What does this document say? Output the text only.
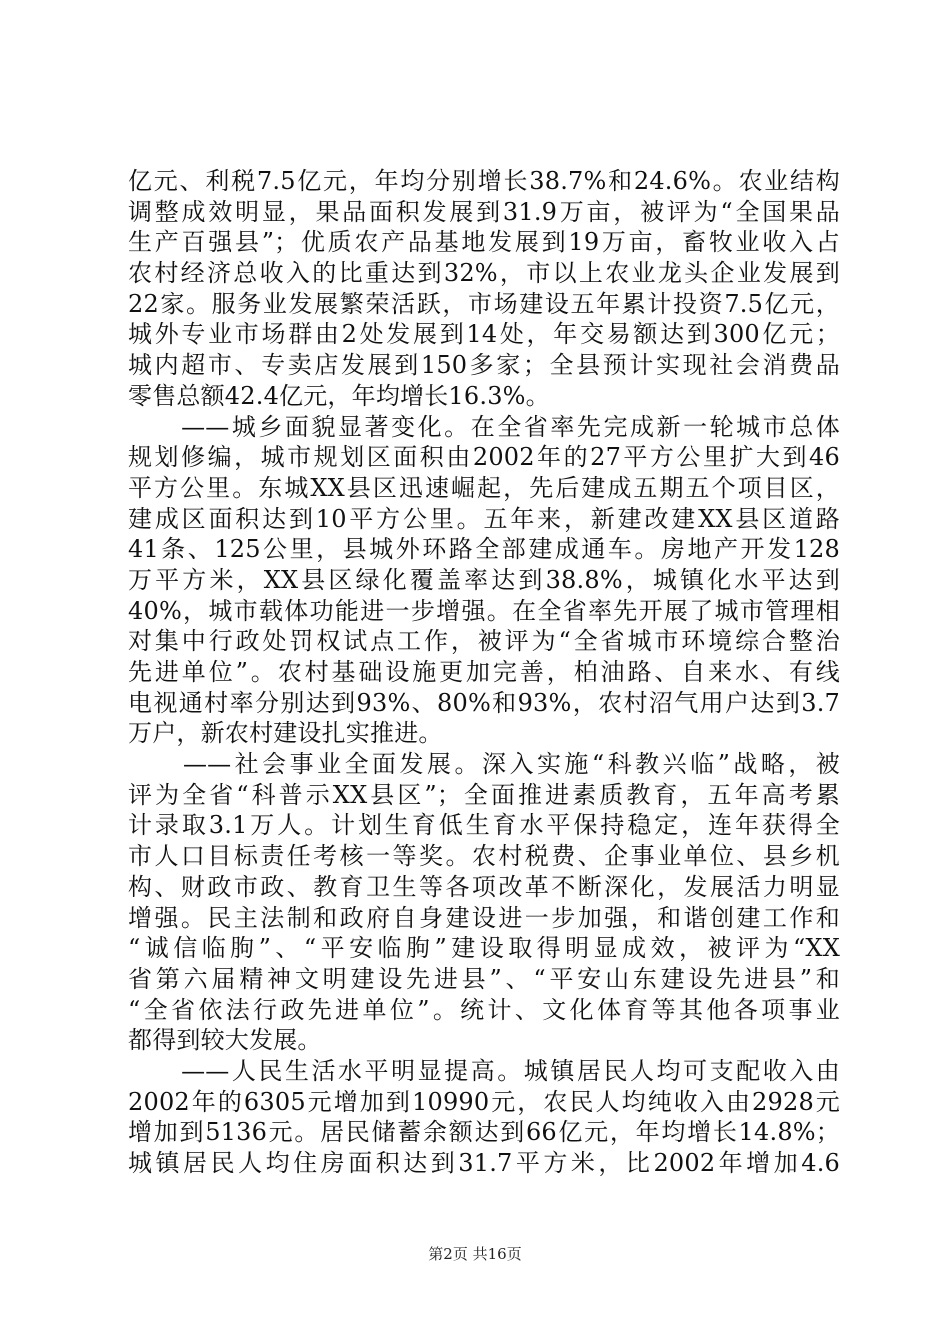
亿元、利税7.5亿元，年均分别增长38.7%和24.6%。农业结构
调整成效明显，果品面积发展到31.9万亩，被评为“全国果品
生产百强县”；优质农产品基地发展到19万亩，畜牧业收入占
农村经济总收入的比重达到32%，市以上农业龙头企业发展到
22家。服务业发展繁荣活跃，市场建设五年累计投资7.5亿元，
城外专业市场群由2处发展到14处，年交易额达到300亿元；
城内超市、专卖店发展到150多家；全县预计实现社会消费品
零售总额42.4亿元，年均增长16.3%。
　　——城乡面貌显著变化。在全省率先完成新一轮城市总体
规划修编，城市规划区面积由2002年的27平方公里扩大到46
平方公里。东城XX县区迅速崛起，先后建成五期五个项目区，
建成区面积达到10平方公里。五年来，新建改建XX县区道路
41条、125公里，县城外环路全部建成通车。房地产开发128
万平方米，XX县区绿化覆盖率达到38.8%，城镇化水平达到
40%，城市载体功能进一步增强。在全省率先开展了城市管理相
对集中行政处罚权试点工作，被评为“全省城市环境综合整治
先进单位”。农村基础设施更加完善，柏油路、自来水、有线
电视通村率分别达到93%、80%和93%，农村沼气用户达到3.7
万户，新农村建设扎实推进。
　　——社会事业全面发展。深入实施“科教兴临”战略，被
评为全省“科普示XX县区”；全面推进素质教育，五年高考累
计录取3.1万人。计划生育低生育水平保持稳定，连年获得全
市人口目标责任考核一等奖。农村税费、企事业单位、县乡机
构、财政市政、教育卫生等各项改革不断深化，发展活力明显
增强。民主法制和政府自身建设进一步加强，和谐创建工作和
“诚信临朐”、“平安临朐”建设取得明显成效，被评为“XX
省第六届精神文明建设先进县”、“平安山东建设先进县”和
“全省依法行政先进单位”。统计、文化体育等其他各项事业
都得到较大发展。
　　——人民生活水平明显提高。城镇居民人均可支配收入由
2002年的6305元增加到10990元，农民人均纯收入由2928元
增加到5136元。居民储蓄余额达到66亿元，年均增长14.8%；
城镇居民人均住房面积达到31.7平方米，比2002年增加4.6
第2页 共16页
